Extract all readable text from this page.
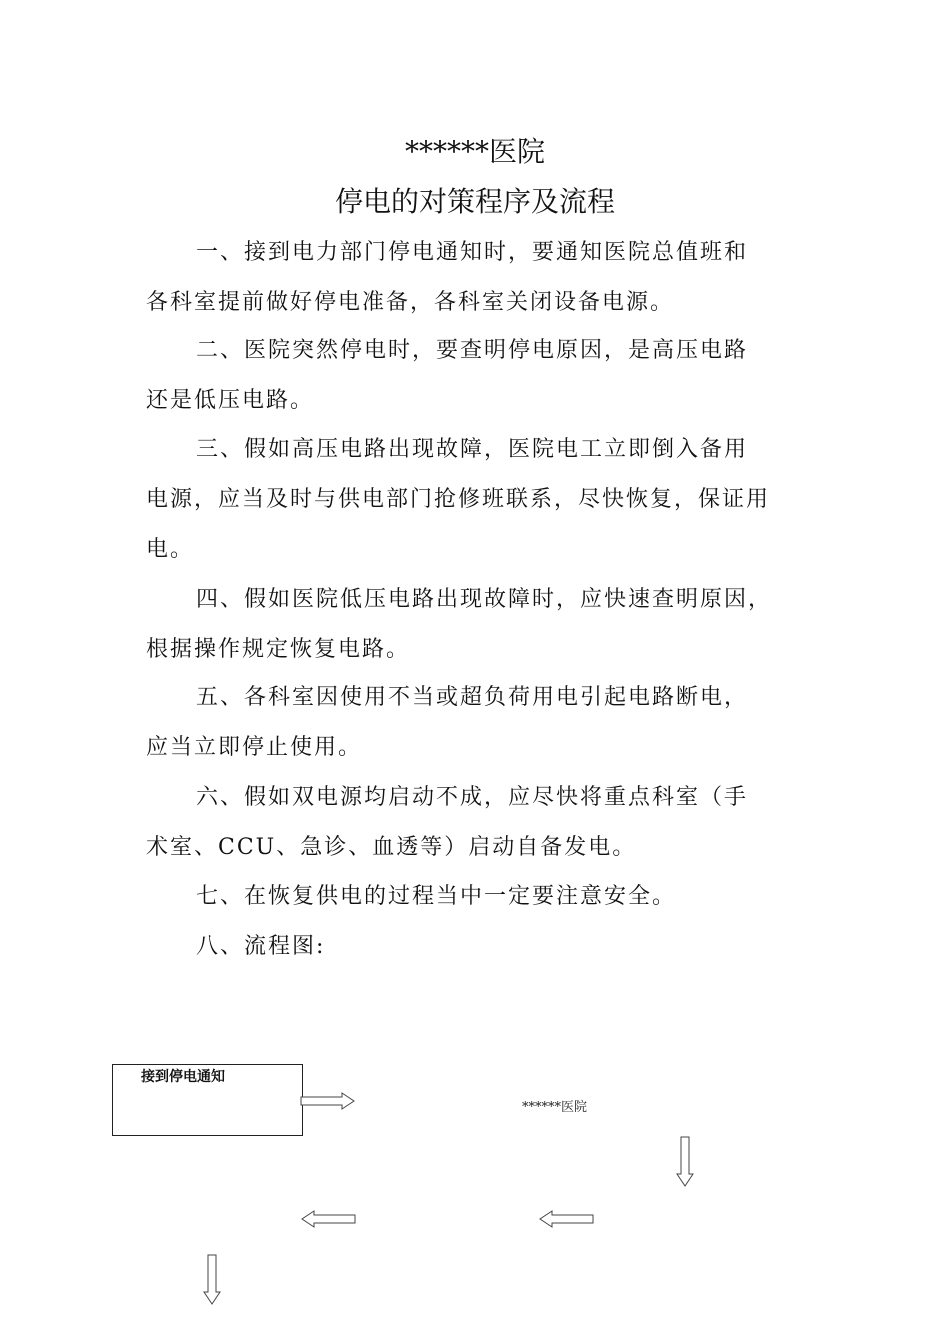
******医院
停电的对策程序及流程
一、接到电力部门停电通知时，要通知医院总值班和
各科室提前做好停电准备，各科室关闭设备电源。
二、医院突然停电时，要查明停电原因，是高压电路
还是低压电路。
三、假如高压电路出现故障，医院电工立即倒入备用
电源，应当及时与供电部门抢修班联系，尽快恢复，保证用电。
四、假如医院低压电路出现故障时，应快速查明原因，
根据操作规定恢复电路。
五、各科室因使用不当或超负荷用电引起电路断电，
应当立即停止使用。
六、假如双电源均启动不成，应尽快将重点科室（手
术室、CCU、急诊、血透等）启动自备发电。
七、在恢复供电的过程当中一定要注意安全。
八、流程图:
接到停电通知
******医院
